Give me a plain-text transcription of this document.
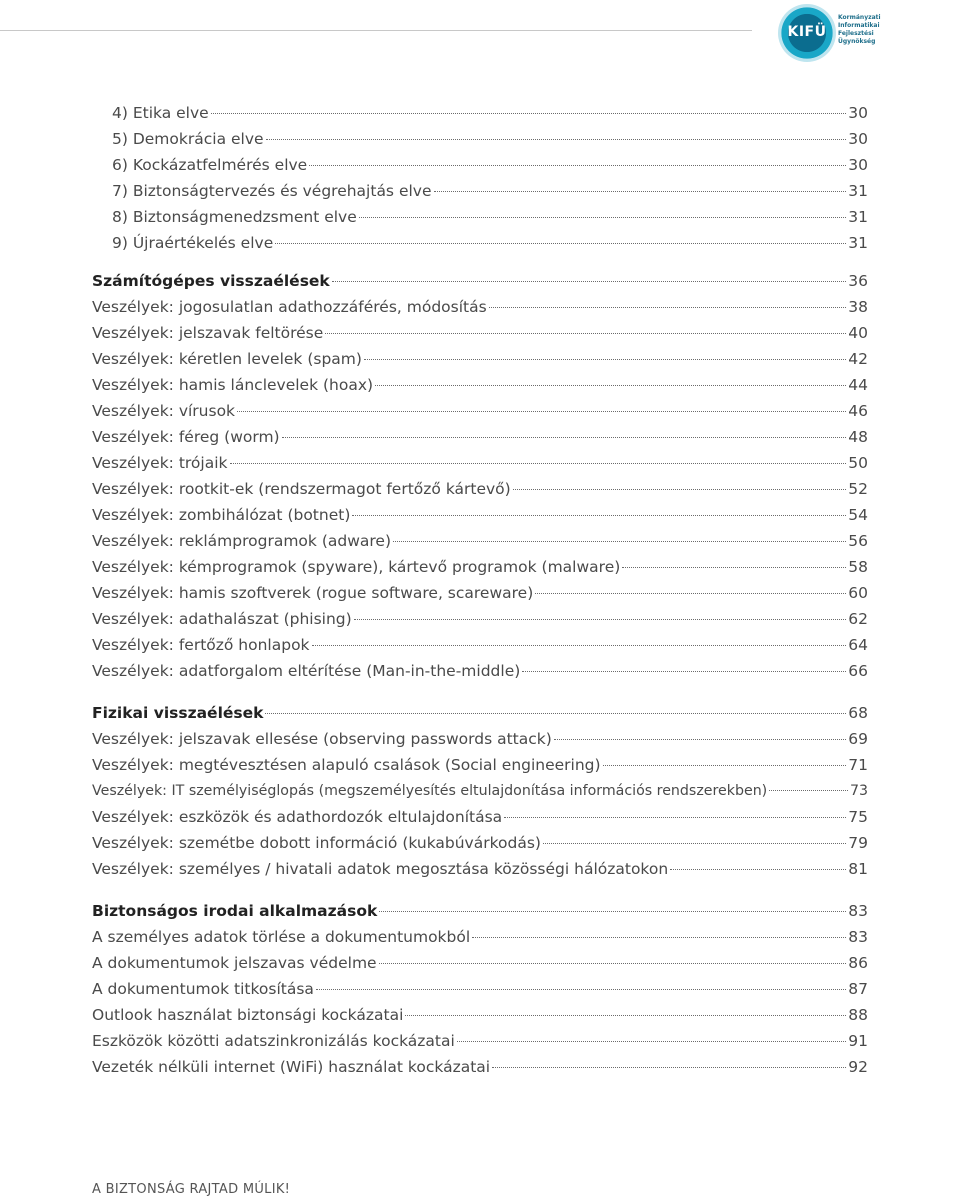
KIFÜ
Kormányzati
Informatikai
Fejlesztési
Ügynökség
4) Etika elve	30
5) Demokrácia elve	30
6) Kockázatfelmérés elve	30
7) Biztonságtervezés és végrehajtás elve	31
8) Biztonságmenedzsment elve	31
9) Újraértékelés elve	31
Számítógépes visszaélések	36
Veszélyek: jogosulatlan adathozzáférés, módosítás	38
Veszélyek: jelszavak feltörése	40
Veszélyek: kéretlen levelek (spam)	42
Veszélyek: hamis lánclevelek (hoax)	44
Veszélyek: vírusok	46
Veszélyek: féreg (worm)	48
Veszélyek: trójaik	50
Veszélyek: rootkit-ek (rendszermagot fertőző kártevő)	52
Veszélyek: zombihálózat (botnet)	54
Veszélyek: reklámprogramok (adware)	56
Veszélyek: kémprogramok (spyware), kártevő programok (malware)	58
Veszélyek: hamis szoftverek (rogue software, scareware)	60
Veszélyek: adathalászat (phising)	62
Veszélyek: fertőző honlapok	64
Veszélyek: adatforgalom eltérítése (Man-in-the-middle)	66
Fizikai visszaélések	68
Veszélyek: jelszavak ellesése (observing passwords attack)	69
Veszélyek: megtévesztésen alapuló csalások (Social engineering)	71
Veszélyek: IT személyiséglopás (megszemélyesítés eltulajdonítása információs rendszerekben)	73
Veszélyek: eszközök és adathordozók eltulajdonítása	75
Veszélyek: szemétbe dobott információ (kukabúvárkodás)	79
Veszélyek: személyes / hivatali adatok megosztása közösségi hálózatokon	81
Biztonságos irodai alkalmazások	83
A személyes adatok törlése a dokumentumokból	83
A dokumentumok jelszavas védelme	86
A dokumentumok titkosítása	87
Outlook használat biztonsági kockázatai	88
Eszközök közötti adatszinkronizálás kockázatai	91
Vezeték nélküli internet (WiFi) használat kockázatai	92
A BIZTONSÁG RAJTAD MÚLIK!
